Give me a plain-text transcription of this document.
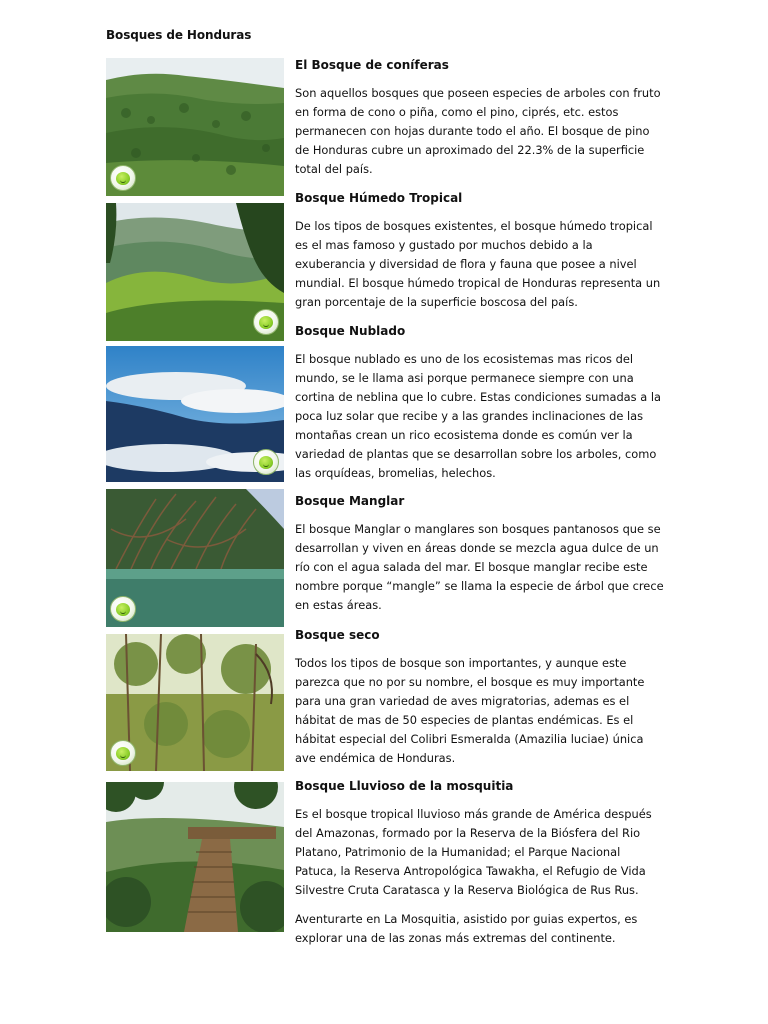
Bosques de Honduras
El Bosque de coníferas

Son aquellos bosques que poseen especies de arboles con fruto en forma de cono o piña, como el pino, ciprés, etc. estos permanecen con hojas durante todo el año. El bosque de pino de Honduras cubre un aproximado del 22.3% de la superficie total del país.

Bosque Húmedo Tropical

De los tipos de bosques existentes, el bosque húmedo tropical es el mas famoso y gustado por muchos debido a la exuberancia y diversidad de flora y fauna que posee a nivel mundial. El bosque húmedo tropical de Honduras representa un gran porcentaje de la superficie boscosa del país.

Bosque Nublado

El bosque nublado es uno de los ecosistemas mas ricos del mundo, se le llama asi porque permanece siempre con una cortina de neblina que lo cubre. Estas condiciones sumadas a la poca luz solar que recibe y a las grandes inclinaciones de las montañas crean un rico ecosistema donde es común ver la variedad de plantas que se desarrollan sobre los arboles, como las orquídeas, bromelias, helechos.

Bosque Manglar

El bosque Manglar o manglares son bosques pantanosos que se desarrollan y viven en áreas donde se mezcla agua dulce de un río con el agua salada del mar. El bosque manglar recibe este nombre porque “mangle” se llama la especie de árbol que crece en estas áreas.

Bosque seco

Todos los tipos de bosque son importantes, y aunque este parezca que no por su nombre, el bosque es muy importante para una gran variedad de aves migratorias, ademas es el hábitat de mas de 50 especies de plantas endémicas. Es el hábitat especial del Colibri Esmeralda (Amazilia luciae) única ave endémica de Honduras.

Bosque Lluvioso de la mosquitia

Es el bosque tropical lluvioso más grande de América después del Amazonas, formado por la Reserva de la Biósfera del Rio Platano, Patrimonio de la Humanidad; el Parque Nacional Patuca, la Reserva Antropológica Tawakha, el Refugio de Vida Silvestre Cruta Caratasca y la Reserva Biológica de Rus Rus.

Aventurarte en La Mosquitia, asistido por guias expertos, es explorar una de las zonas más extremas del continente.
